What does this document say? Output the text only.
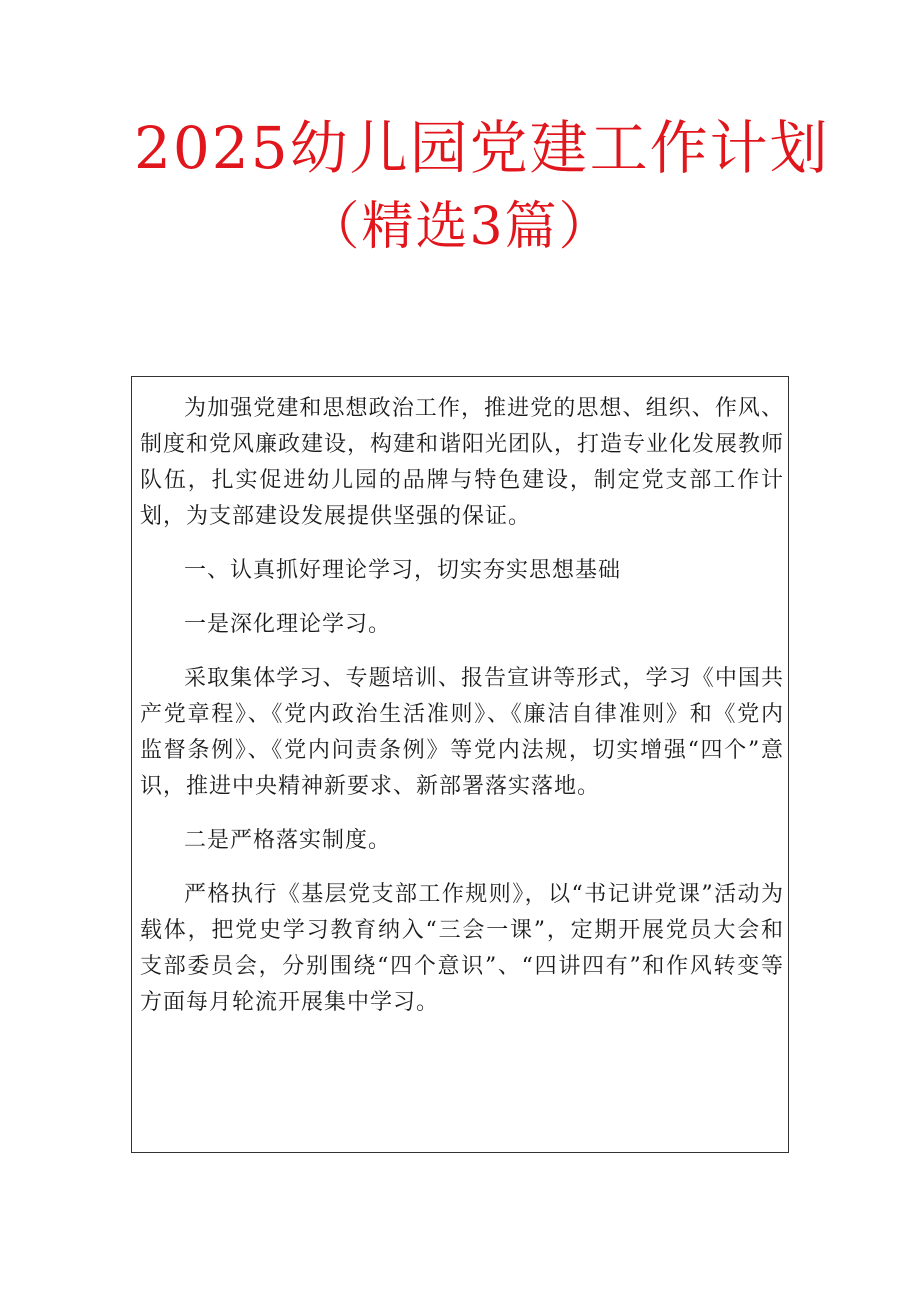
2025幼儿园党建工作计划
（精选3篇）

为加强党建和思想政治工作，推进党的思想、组织、作风、制度和党风廉政建设，构建和谐阳光团队，打造专业化发展教师队伍，扎实促进幼儿园的品牌与特色建设，制定党支部工作计划，为支部建设发展提供坚强的保证。

一、认真抓好理论学习，切实夯实思想基础

一是深化理论学习。

采取集体学习、专题培训、报告宣讲等形式，学习《中国共产党章程》、《党内政治生活准则》、《廉洁自律准则》和《党内监督条例》、《党内问责条例》等党内法规，切实增强“四个”意识，推进中央精神新要求、新部署落实落地。

二是严格落实制度。

严格执行《基层党支部工作规则》，以“书记讲党课”活动为载体，把党史学习教育纳入“三会一课”，定期开展党员大会和支部委员会，分别围绕“四个意识”、“四讲四有”和作风转变等方面每月轮流开展集中学习。
